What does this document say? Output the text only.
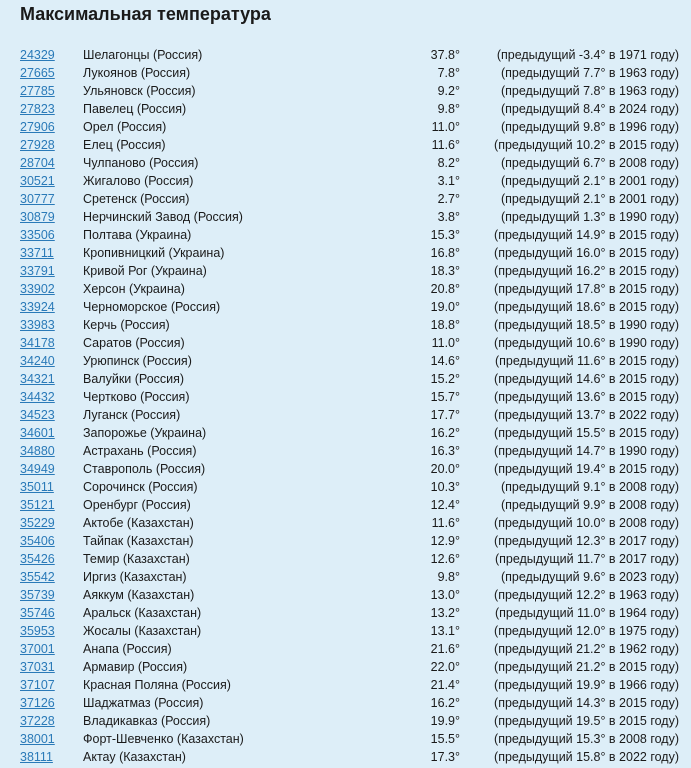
Максимальная температура
24329	Шелагонцы (Россия)	37.8°	(предыдущий -3.4° в 1971 году)
27665	Лукоянов (Россия)	7.8°	(предыдущий 7.7° в 1963 году)
27785	Ульяновск (Россия)	9.2°	(предыдущий 7.8° в 1963 году)
27823	Павелец (Россия)	9.8°	(предыдущий 8.4° в 2024 году)
27906	Орел (Россия)	11.0°	(предыдущий 9.8° в 1996 году)
27928	Елец (Россия)	11.6°	(предыдущий 10.2° в 2015 году)
28704	Чулпаново (Россия)	8.2°	(предыдущий 6.7° в 2008 году)
30521	Жигалово (Россия)	3.1°	(предыдущий 2.1° в 2001 году)
30777	Сретенск (Россия)	2.7°	(предыдущий 2.1° в 2001 году)
30879	Нерчинский Завод (Россия)	3.8°	(предыдущий 1.3° в 1990 году)
33506	Полтава (Украина)	15.3°	(предыдущий 14.9° в 2015 году)
33711	Кропивницкий (Украина)	16.8°	(предыдущий 16.0° в 2015 году)
33791	Кривой Рог (Украина)	18.3°	(предыдущий 16.2° в 2015 году)
33902	Херсон (Украина)	20.8°	(предыдущий 17.8° в 2015 году)
33924	Черноморское (Россия)	19.0°	(предыдущий 18.6° в 2015 году)
33983	Керчь (Россия)	18.8°	(предыдущий 18.5° в 1990 году)
34178	Саратов (Россия)	11.0°	(предыдущий 10.6° в 1990 году)
34240	Урюпинск (Россия)	14.6°	(предыдущий 11.6° в 2015 году)
34321	Валуйки (Россия)	15.2°	(предыдущий 14.6° в 2015 году)
34432	Чертково (Россия)	15.7°	(предыдущий 13.6° в 2015 году)
34523	Луганск (Россия)	17.7°	(предыдущий 13.7° в 2022 году)
34601	Запорожье (Украина)	16.2°	(предыдущий 15.5° в 2015 году)
34880	Астрахань (Россия)	16.3°	(предыдущий 14.7° в 1990 году)
34949	Ставрополь (Россия)	20.0°	(предыдущий 19.4° в 2015 году)
35011	Сорочинск (Россия)	10.3°	(предыдущий 9.1° в 2008 году)
35121	Оренбург (Россия)	12.4°	(предыдущий 9.9° в 2008 году)
35229	Актобе (Казахстан)	11.6°	(предыдущий 10.0° в 2008 году)
35406	Тайпак (Казахстан)	12.9°	(предыдущий 12.3° в 2017 году)
35426	Темир (Казахстан)	12.6°	(предыдущий 11.7° в 2017 году)
35542	Иргиз (Казахстан)	9.8°	(предыдущий 9.6° в 2023 году)
35739	Аяккум (Казахстан)	13.0°	(предыдущий 12.2° в 1963 году)
35746	Аральск (Казахстан)	13.2°	(предыдущий 11.0° в 1964 году)
35953	Жосалы (Казахстан)	13.1°	(предыдущий 12.0° в 1975 году)
37001	Анапа (Россия)	21.6°	(предыдущий 21.2° в 1962 году)
37031	Армавир (Россия)	22.0°	(предыдущий 21.2° в 2015 году)
37107	Красная Поляна (Россия)	21.4°	(предыдущий 19.9° в 1966 году)
37126	Шаджатмаз (Россия)	16.2°	(предыдущий 14.3° в 2015 году)
37228	Владикавказ (Россия)	19.9°	(предыдущий 19.5° в 2015 году)
38001	Форт-Шевченко (Казахстан)	15.5°	(предыдущий 15.3° в 2008 году)
38111	Актау (Казахстан)	17.3°	(предыдущий 15.8° в 2022 году)
